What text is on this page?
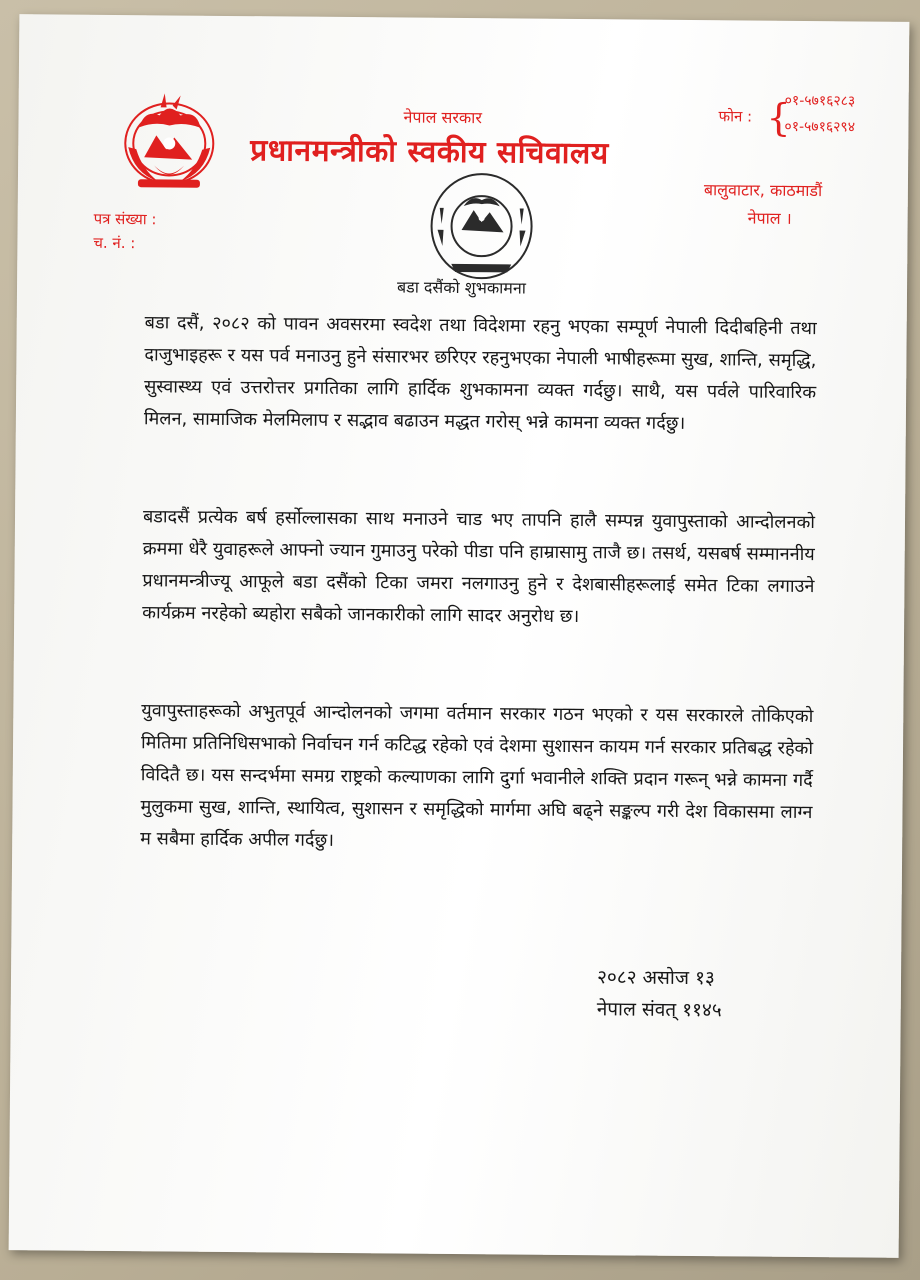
नेपाल सरकार
प्रधानमन्त्रीको स्वकीय सचिवालय
फोन : {
०१-५७१६२८३
०१-५७१६२९४
बालुवाटार, काठमाडौं
नेपाल ।
पत्र संख्या :
च. नं. :
बडा दसैंको शुभकामना

बडा दसैं, २०८२ को पावन अवसरमा स्वदेश तथा विदेशमा रहनु भएका सम्पूर्ण नेपाली दिदीबहिनी तथा दाजुभाइहरू र यस पर्व मनाउनु हुने संसारभर छरिएर रहनुभएका नेपाली भाषीहरूमा सुख, शान्ति, समृद्धि, सुस्वास्थ्य एवं उत्तरोत्तर प्रगतिका लागि हार्दिक शुभकामना व्यक्त गर्दछु। साथै, यस पर्वले पारिवारिक मिलन, सामाजिक मेलमिलाप र सद्भाव बढाउन मद्धत गरोस् भन्ने कामना व्यक्त गर्दछु।

बडादसैं प्रत्येक बर्ष हर्सोल्लासका साथ मनाउने चाड भए तापनि हालै सम्पन्न युवापुस्ताको आन्दोलनको क्रममा धेरै युवाहरूले आफ्नो ज्यान गुमाउनु परेको पीडा पनि हाम्रासामु ताजै छ। तसर्थ, यसबर्ष सम्माननीय प्रधानमन्त्रीज्यू आफूले बडा दसैंको टिका जमरा नलगाउनु हुने र देशबासीहरूलाई समेत टिका लगाउने कार्यक्रम नरहेको ब्यहोरा सबैको जानकारीको लागि सादर अनुरोध छ।

युवापुस्ताहरूको अभुतपूर्व आन्दोलनको जगमा वर्तमान सरकार गठन भएको र यस सरकारले तोकिएको मितिमा प्रतिनिधिसभाको निर्वाचन गर्न कटिद्ध रहेको एवं देशमा सुशासन कायम गर्न सरकार प्रतिबद्ध रहेको विदितै छ। यस सन्दर्भमा समग्र राष्ट्रको कल्याणका लागि दुर्गा भवानीले शक्ति प्रदान गरून् भन्ने कामना गर्दै मुलुकमा सुख, शान्ति, स्थायित्व, सुशासन र समृद्धिको मार्गमा अघि बढ्ने सङ्कल्प गरी देश विकासमा लाग्न म सबैमा हार्दिक अपील गर्दछु।

२०८२ असोज १३
नेपाल संवत् ११४५
